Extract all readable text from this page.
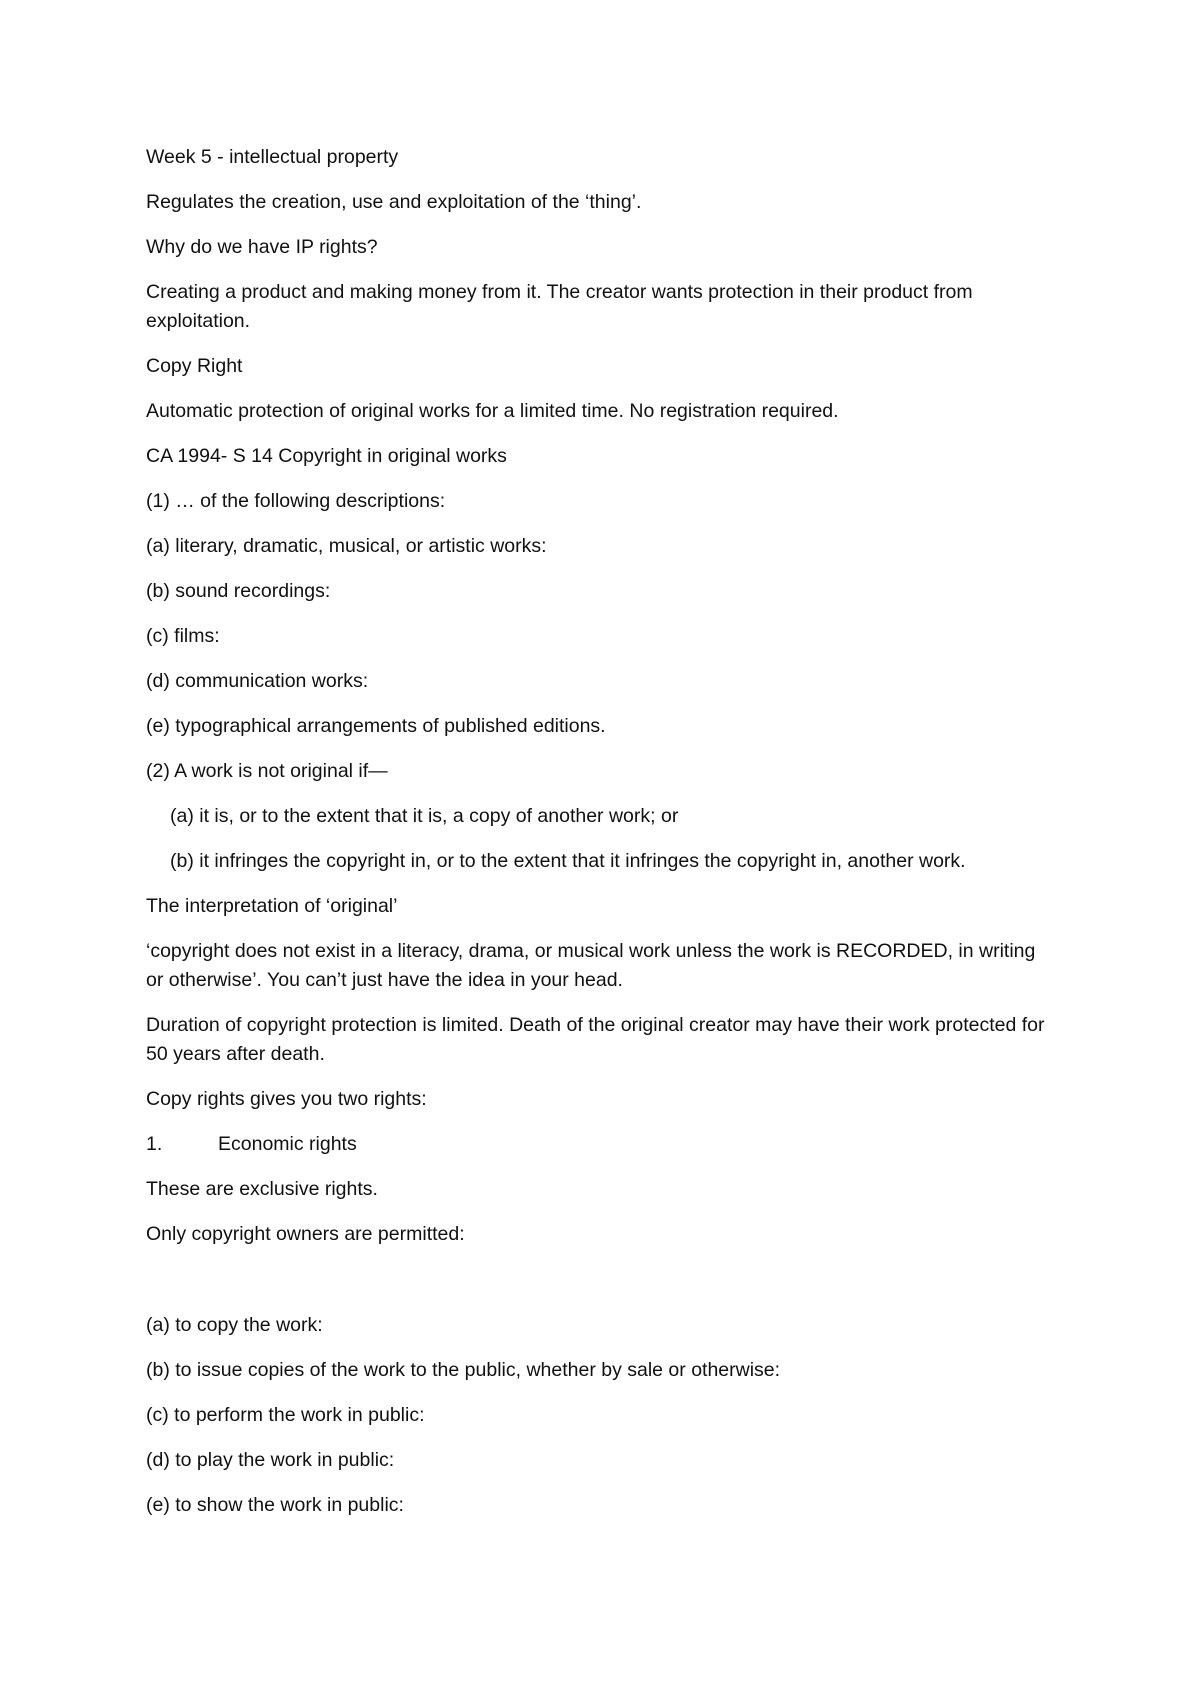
Week 5 - intellectual property

Regulates the creation, use and exploitation of the ‘thing’.

Why do we have IP rights?

Creating a product and making money from it. The creator wants protection in their product from exploitation.

Copy Right

Automatic protection of original works for a limited time. No registration required.

CA 1994- S 14 Copyright in original works

(1) … of the following descriptions:

(a) literary, dramatic, musical, or artistic works:

(b) sound recordings:

(c) films:

(d) communication works:

(e) typographical arrangements of published editions.

(2) A work is not original if—

(a) it is, or to the extent that it is, a copy of another work; or

(b) it infringes the copyright in, or to the extent that it infringes the copyright in, another work.

The interpretation of ‘original’

‘copyright does not exist in a literacy, drama, or musical work unless the work is RECORDED, in writing or otherwise’. You can’t just have the idea in your head.

Duration of copyright protection is limited. Death of the original creator may have their work protected for 50 years after death.

Copy rights gives you two rights:

1.	Economic rights

These are exclusive rights.

Only copyright owners are permitted:

(a) to copy the work:

(b) to issue copies of the work to the public, whether by sale or otherwise:

(c) to perform the work in public:

(d) to play the work in public:

(e) to show the work in public:
